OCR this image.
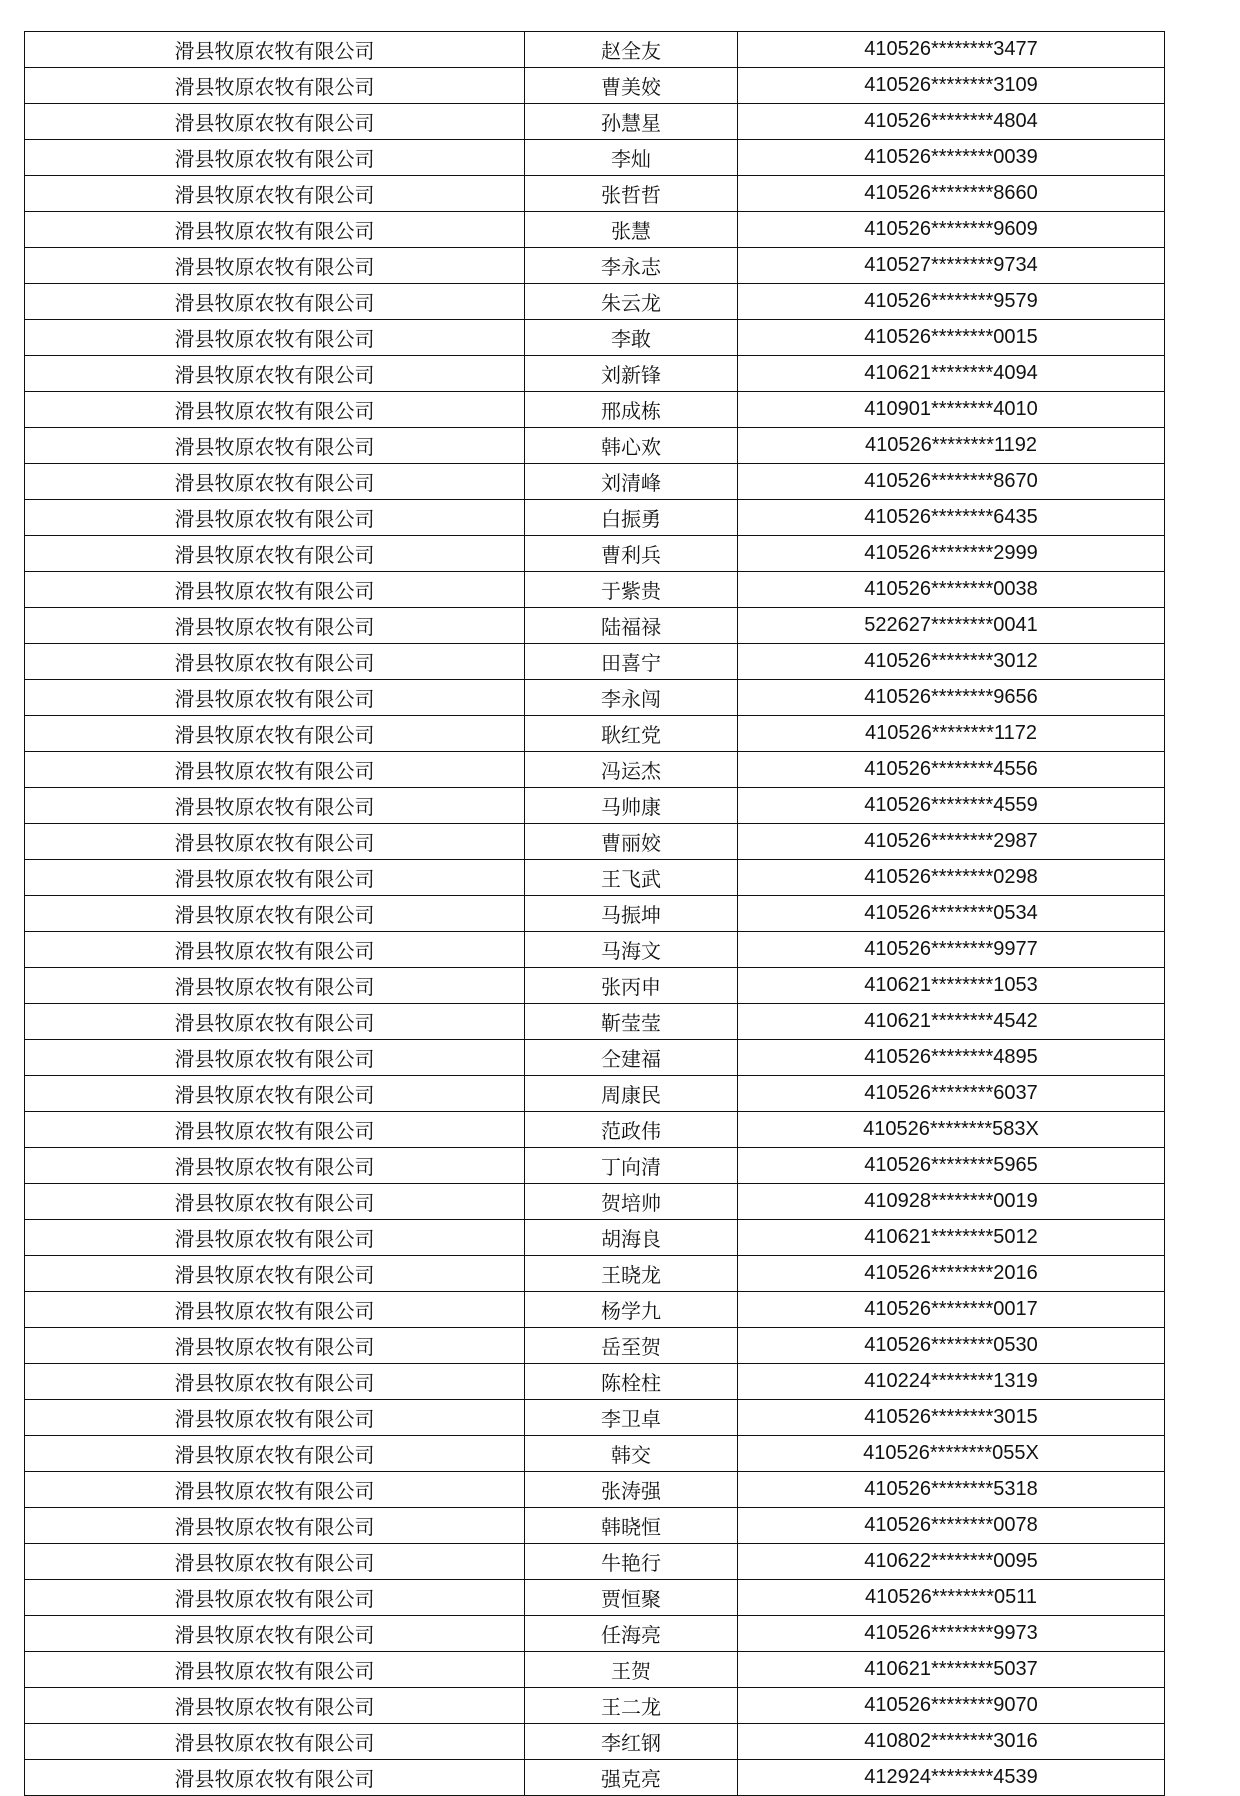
滑县牧原农牧有限公司	赵全友	410526********3477
滑县牧原农牧有限公司	曹美姣	410526********3109
滑县牧原农牧有限公司	孙慧星	410526********4804
滑县牧原农牧有限公司	李灿	410526********0039
滑县牧原农牧有限公司	张哲哲	410526********8660
滑县牧原农牧有限公司	张慧	410526********9609
滑县牧原农牧有限公司	李永志	410527********9734
滑县牧原农牧有限公司	朱云龙	410526********9579
滑县牧原农牧有限公司	李敢	410526********0015
滑县牧原农牧有限公司	刘新锋	410621********4094
滑县牧原农牧有限公司	邢成栋	410901********4010
滑县牧原农牧有限公司	韩心欢	410526********1192
滑县牧原农牧有限公司	刘清峰	410526********8670
滑县牧原农牧有限公司	白振勇	410526********6435
滑县牧原农牧有限公司	曹利兵	410526********2999
滑县牧原农牧有限公司	于紫贵	410526********0038
滑县牧原农牧有限公司	陆福禄	522627********0041
滑县牧原农牧有限公司	田喜宁	410526********3012
滑县牧原农牧有限公司	李永闯	410526********9656
滑县牧原农牧有限公司	耿红党	410526********1172
滑县牧原农牧有限公司	冯运杰	410526********4556
滑县牧原农牧有限公司	马帅康	410526********4559
滑县牧原农牧有限公司	曹丽姣	410526********2987
滑县牧原农牧有限公司	王飞武	410526********0298
滑县牧原农牧有限公司	马振坤	410526********0534
滑县牧原农牧有限公司	马海文	410526********9977
滑县牧原农牧有限公司	张丙申	410621********1053
滑县牧原农牧有限公司	靳莹莹	410621********4542
滑县牧原农牧有限公司	仝建福	410526********4895
滑县牧原农牧有限公司	周康民	410526********6037
滑县牧原农牧有限公司	范政伟	410526********583X
滑县牧原农牧有限公司	丁向清	410526********5965
滑县牧原农牧有限公司	贺培帅	410928********0019
滑县牧原农牧有限公司	胡海良	410621********5012
滑县牧原农牧有限公司	王晓龙	410526********2016
滑县牧原农牧有限公司	杨学九	410526********0017
滑县牧原农牧有限公司	岳至贺	410526********0530
滑县牧原农牧有限公司	陈栓柱	410224********1319
滑县牧原农牧有限公司	李卫卓	410526********3015
滑县牧原农牧有限公司	韩交	410526********055X
滑县牧原农牧有限公司	张涛强	410526********5318
滑县牧原农牧有限公司	韩晓恒	410526********0078
滑县牧原农牧有限公司	牛艳行	410622********0095
滑县牧原农牧有限公司	贾恒聚	410526********0511
滑县牧原农牧有限公司	任海亮	410526********9973
滑县牧原农牧有限公司	王贺	410621********5037
滑县牧原农牧有限公司	王二龙	410526********9070
滑县牧原农牧有限公司	李红钢	410802********3016
滑县牧原农牧有限公司	强克亮	412924********4539
